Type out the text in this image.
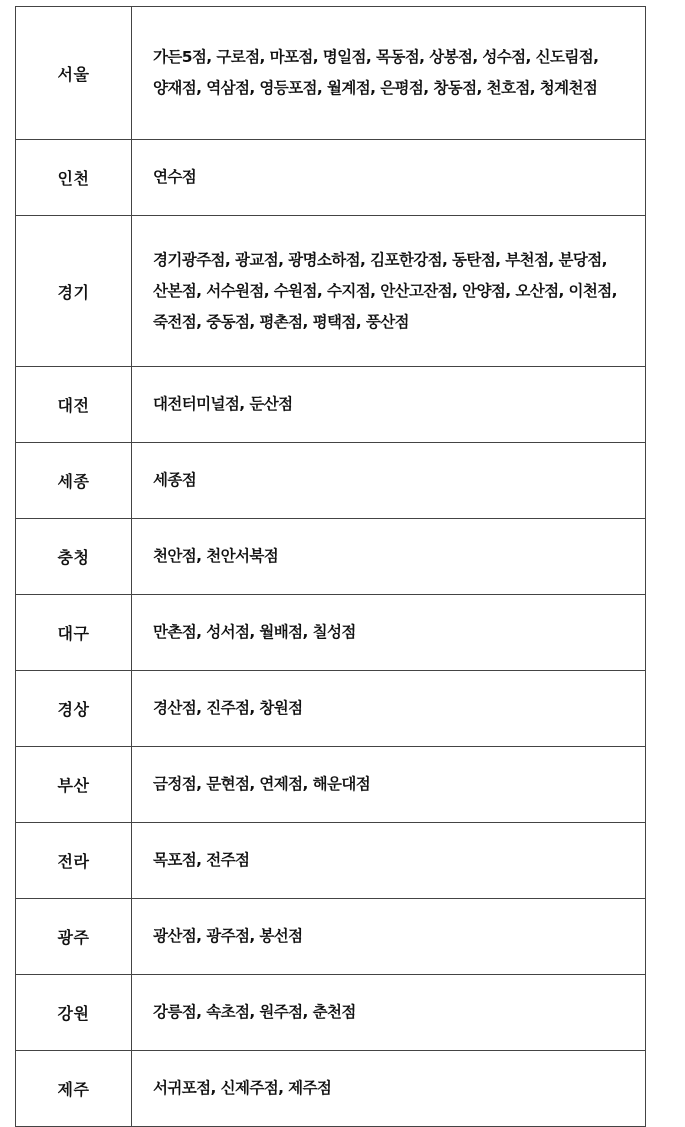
서울	가든5점, 구로점, 마포점, 명일점, 목동점, 상봉점, 성수점, 신도림점, 양재점, 역삼점, 영등포점, 월계점, 은평점, 창동점, 천호점, 청계천점
인천	연수점
경기	경기광주점, 광교점, 광명소하점, 김포한강점, 동탄점, 부천점, 분당점, 산본점, 서수원점, 수원점, 수지점, 안산고잔점, 안양점, 오산점, 이천점, 죽전점, 중동점, 평촌점, 평택점, 풍산점
대전	대전터미널점, 둔산점
세종	세종점
충청	천안점, 천안서북점
대구	만촌점, 성서점, 월배점, 칠성점
경상	경산점, 진주점, 창원점
부산	금정점, 문현점, 연제점, 해운대점
전라	목포점, 전주점
광주	광산점, 광주점, 봉선점
강원	강릉점, 속초점, 원주점, 춘천점
제주	서귀포점, 신제주점, 제주점
